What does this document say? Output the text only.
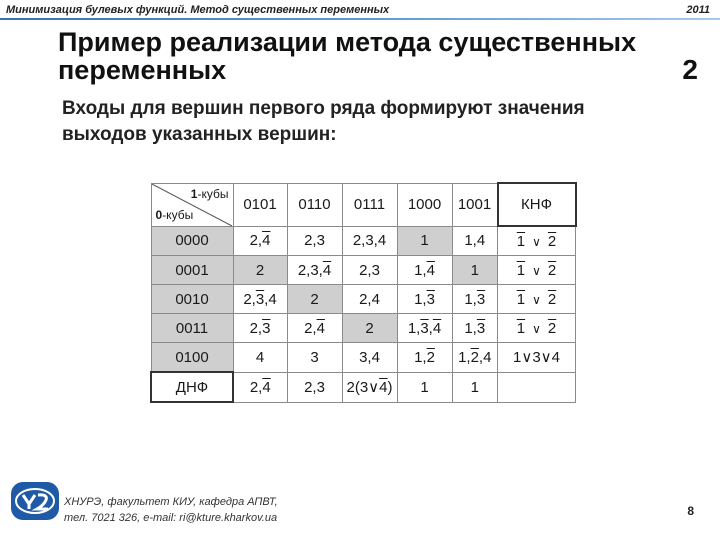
Минимизация булевых функций. Метод существенных переменных	2011
Пример реализации метода существенных переменных	2
Входы для вершин первого ряда формируют значения выходов указанных вершин:
1-кубы
0-кубы	0101	0110	0111	1000	1001	КНФ
0000	2,4	2,3	2,3,4	1	1,4	1 ∨ 2
0001	2	2,3,4	2,3	1,4	1	1 ∨ 2
0010	2,3,4	2	2,4	1,3	1,3	1 ∨ 2
0011	2,3	2,4	2	1,3,4	1,3	1 ∨ 2
0100	4	3	3,4	1,2	1,2,4	1∨3∨4
ДНФ	2,4	2,3	2(3∨4)	1	1	
ХНУРЭ, факультет КИУ, кафедра АПВТ,
тел. 7021 326, e-mail: ri@kture.kharkov.ua	8
